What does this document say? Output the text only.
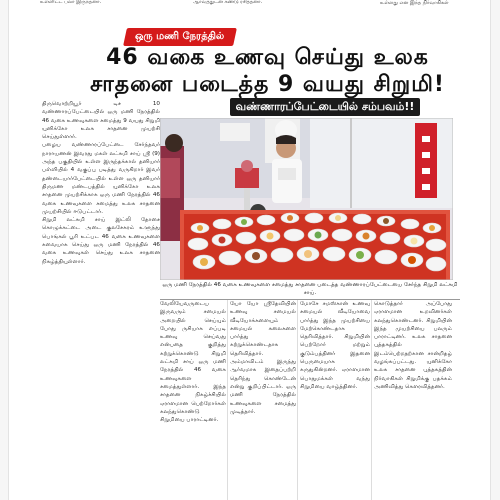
உள்ளிட்ட பலர் இருந்தனர்.	ஆர்வத்துடன் கண்டு ரசித்தனர்.	உள்ளது என இந்த நிர்வாகிகள்
ஒரு மணி நேரத்தில்
46 வகை உணவு செய்து உலக
சாதனை படைத்த 9 வயது சிறுமி!
வண்ணாரப்பேட்டையில் சம்பவம்!!

திருவொற்றியூர் டிச 10 வண்ணாரப்பேட்டையில் ஒரு மணி நேரத்தில் 46 வகை உணவுகளை சமைத்து 9 வயது சிறுமி யுனிக்கோ உலக சாதனை முயற்சி செய்துள்ளார்.

பழைய வண்ணாரப்பேட்டை சேர்ந்தவர் நாராயணன் இவரது மகள் லட்சுமி சாய் ஸ்ரீ (9) அந்த பகுதியில் உள்ள இருந்தக்கால் தனியார் பள்ளியில் 4 வகுப்பு படித்து வருகிறார் இவர் தண்டையார்பேட்டையில் உள்ள ஒரு தனியார் திருமண மண்டபத்தில் யுனிக்கோ உலக சாதனை முயற்சிக்காக ஒரு மணி நேரத்தில் 46 வகை உணவுகளை சமைத்து உலக சாதனை முயற்சியில் ஈடுபட்டார்.

சிறுமி லட்சுமி சாய் இட்லி தோசை கொழுக்கட்டை அடை குலசேகரம் உளுந்து பொங்கல் பூரி உட்பட 46 வகை உணவுகளை சுவையாக செய்து ஒரு மணி நேரத்தில் 46 வகை உணவுகள் செய்து உலக சாதனை நிகழ்த்தியுள்ளார்.

ஒரு மணி நேரத்தில் 46 வகை உணவுகளை சமைத்து சாதனை படைத்த வண்ணாரப்பேட்டையை சேர்ந்த சிறுமி லட்சுமி சாய்.
வேலியேவருடைய இருவரும் சமையல் அறையில் செய்யும் போது ருசியாக எப்படி உணவு செய்வது என்பதை குறித்து கற்றுக்கொண்டு சிறுமி லட்சுமி சாய் ஒரு மணி நேரத்தில் 46 வகை உணவுகளை சமைத்துள்ளார். இந்த சாதனை நிகழ்ச்சியில் ஏராளமான பெற்றோர்கள் கலந்துகொண்டு சிறுமியை பாராட்டினர்.
யோ யோ ஸ்ரீதேவியின் உணவு சமையல் வீடியோக்களையும் சமையல் கலைகளை பார்த்து கற்றுக்கொண்டதாக தெரிவித்தார். அம்மாவிடம் இருந்து ஆர்வமாக இதைப்பற்றி தெரிந்து கொண்டேன் என்று குறிப்பிட்டார். ஒரு மணி நேரத்தில் உணவுகளை சமைத்து முடித்தார்.
மோசே சமஸ்கான் உணவு சமையல் வீடியோவை பார்த்து இந்த முயற்சியை மேற்கொண்டதாக தெரிவித்தார். சிறுமியின் பெற்றோர் மற்றும் குடும்பத்தினர் இதனை பெருமையாக கருதுகின்றனர். ஏராளமான பொதுமக்கள் வந்து சிறுமியை வாழ்த்தினர்.
கொடுத்தார் அப்போது ஏராளமான உறவினர்கள் கலந்துகொண்டனர். சிறுமியின் இந்த முயற்சியை பலரும் பாராட்டினர். உலக சாதனை புத்தகத்தில் இடம்பெற்றதற்கான சான்றிதழ் வழங்கப்பட்டது. யுனிக்கோ உலக சாதனை புத்தகத்தின் நிர்வாகிகள் சிறுமிக்கு பதக்கம் அணிவித்து கௌரவித்தனர்.
